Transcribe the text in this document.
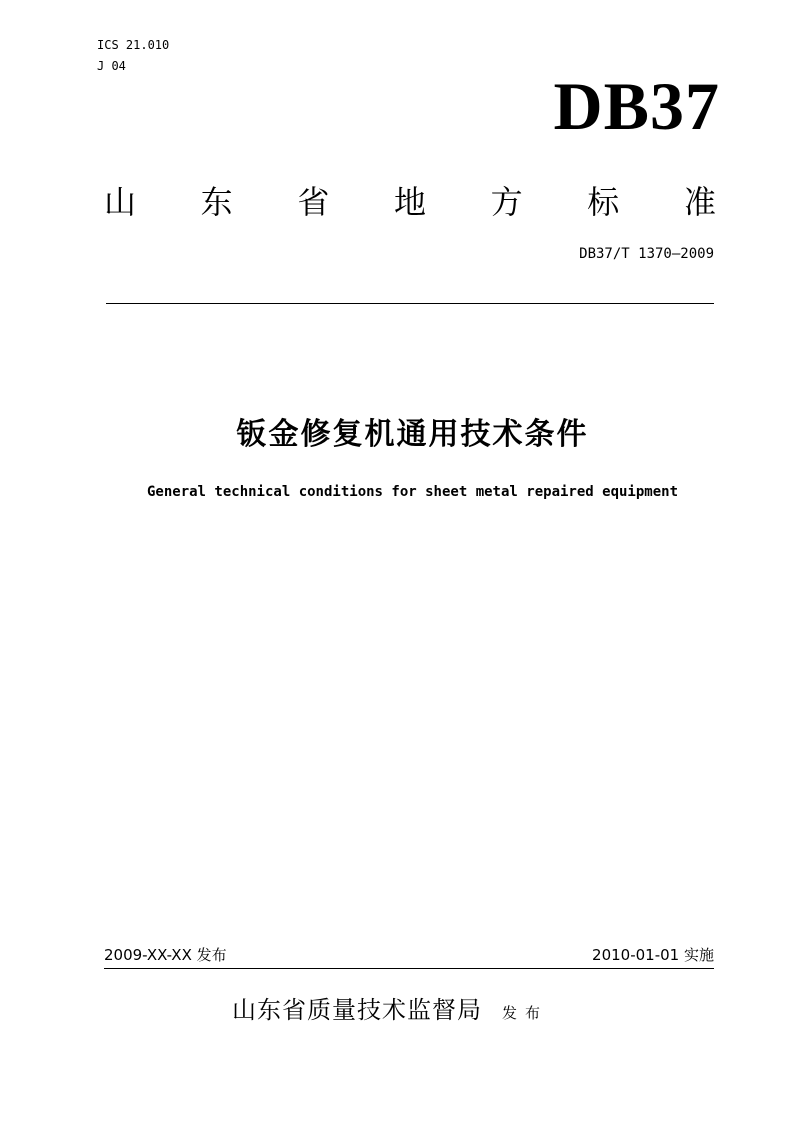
ICS 21.010
J 04
DB37
山 东 省 地 方 标 准
DB37/T 1370—2009
钣金修复机通用技术条件
General technical conditions for sheet metal repaired equipment
2009-XX-XX 发布	2010-01-01 实施
山东省质量技术监督局 发布
